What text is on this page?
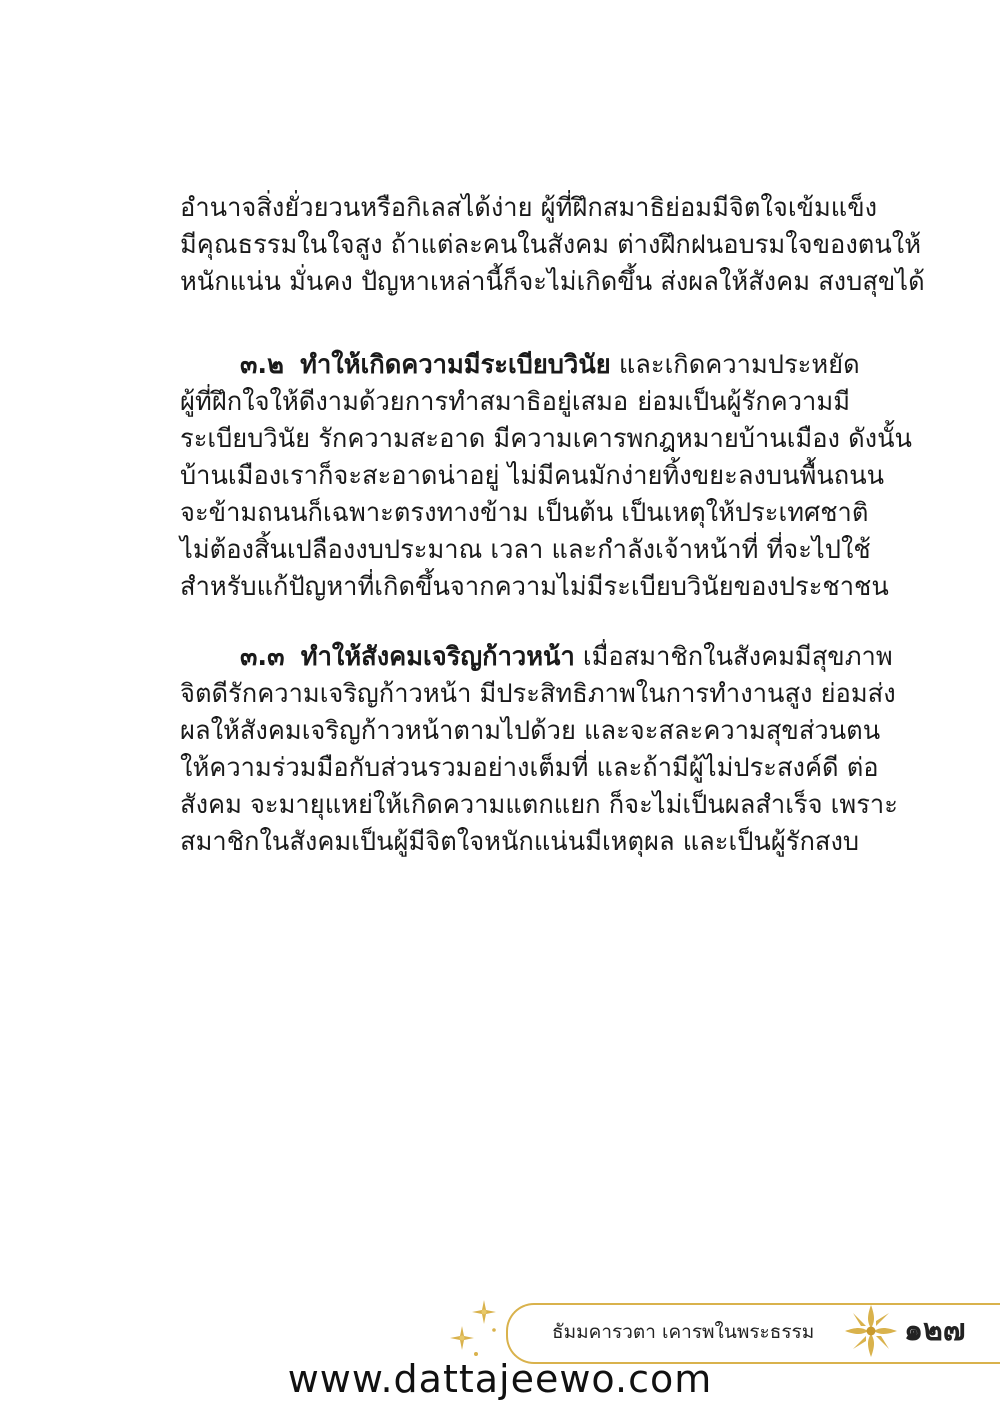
อำนาจสิ่งยั่วยวนหรือกิเลสได้ง่าย ผู้ที่ฝึกสมาธิย่อมมีจิตใจเข้มแข็ง
มีคุณธรรมในใจสูง ถ้าแต่ละคนในสังคม ต่างฝึกฝนอบรมใจของตนให้
หนักแน่น มั่นคง ปัญหาเหล่านี้ก็จะไม่เกิดขึ้น ส่งผลให้สังคม สงบสุขได้
๓.๒ ทำให้เกิดความมีระเบียบวินัย และเกิดความประหยัด
ผู้ที่ฝึกใจให้ดีงามด้วยการทำสมาธิอยู่เสมอ ย่อมเป็นผู้รักความมี
ระเบียบวินัย รักความสะอาด มีความเคารพกฎหมายบ้านเมือง ดังนั้น
บ้านเมืองเราก็จะสะอาดน่าอยู่ ไม่มีคนมักง่ายทิ้งขยะลงบนพื้นถนน
จะข้ามถนนก็เฉพาะตรงทางข้าม เป็นต้น เป็นเหตุให้ประเทศชาติ
ไม่ต้องสิ้นเปลืองงบประมาณ เวลา และกำลังเจ้าหน้าที่ ที่จะไปใช้
สำหรับแก้ปัญหาที่เกิดขึ้นจากความไม่มีระเบียบวินัยของประชาชน
๓.๓ ทำให้สังคมเจริญก้าวหน้า เมื่อสมาชิกในสังคมมีสุขภาพ
จิตดีรักความเจริญก้าวหน้า มีประสิทธิภาพในการทำงานสูง ย่อมส่ง
ผลให้สังคมเจริญก้าวหน้าตามไปด้วย และจะสละความสุขส่วนตน
ให้ความร่วมมือกับส่วนรวมอย่างเต็มที่ และถ้ามีผู้ไม่ประสงค์ดี ต่อ
สังคม จะมายุแหย่ให้เกิดความแตกแยก ก็จะไม่เป็นผลสำเร็จ เพราะ
สมาชิกในสังคมเป็นผู้มีจิตใจหนักแน่นมีเหตุผล และเป็นผู้รักสงบ
ธัมมคารวตา เคารพในพระธรรม	๑๒๗
www.dattajeewo.com
